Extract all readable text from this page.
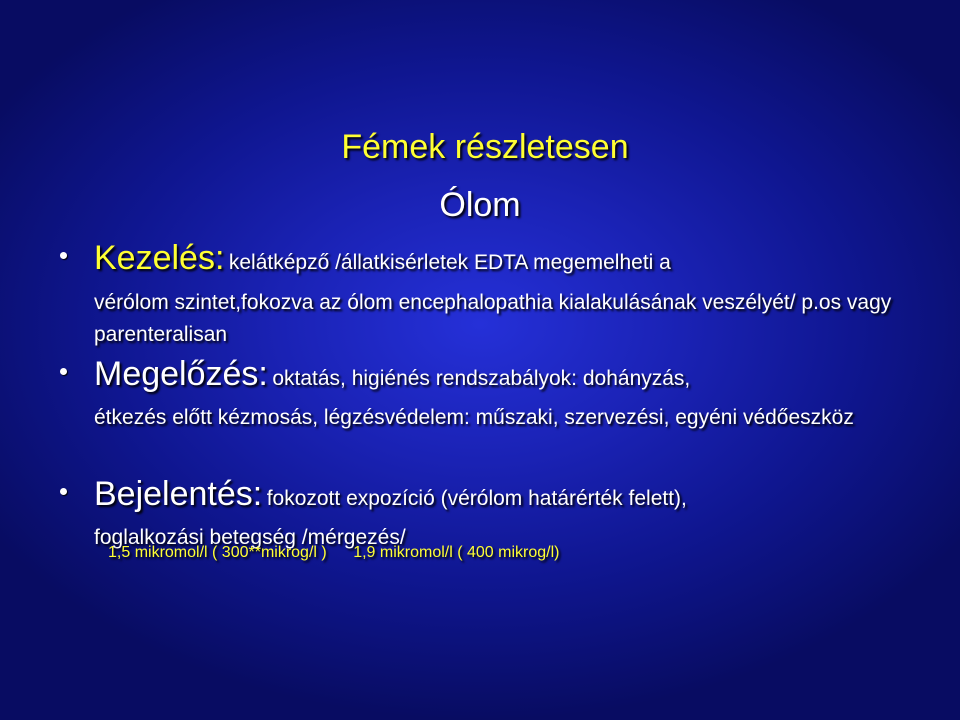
Fémek részletesen
Ólom
Kezelés: kelátképző /állatkisérletek EDTA megemelheti a
vérólom szintet,fokozva az ólom encephalopathia kialakulásának veszélyét/ p.os vagy parenteralisan
Megelőzés: oktatás, higiénés rendszabályok: dohányzás,
étkezés előtt kézmosás, légzésvédelem: műszaki, szervezési, egyéni védőeszköz
Bejelentés: fokozott expozíció (vérólom határérték felett),
foglalkozási betegség /mérgezés/
1,5 mikromol/l ( 300**mikrog/l ) 1,9 mikromol/l ( 400 mikrog/l)
